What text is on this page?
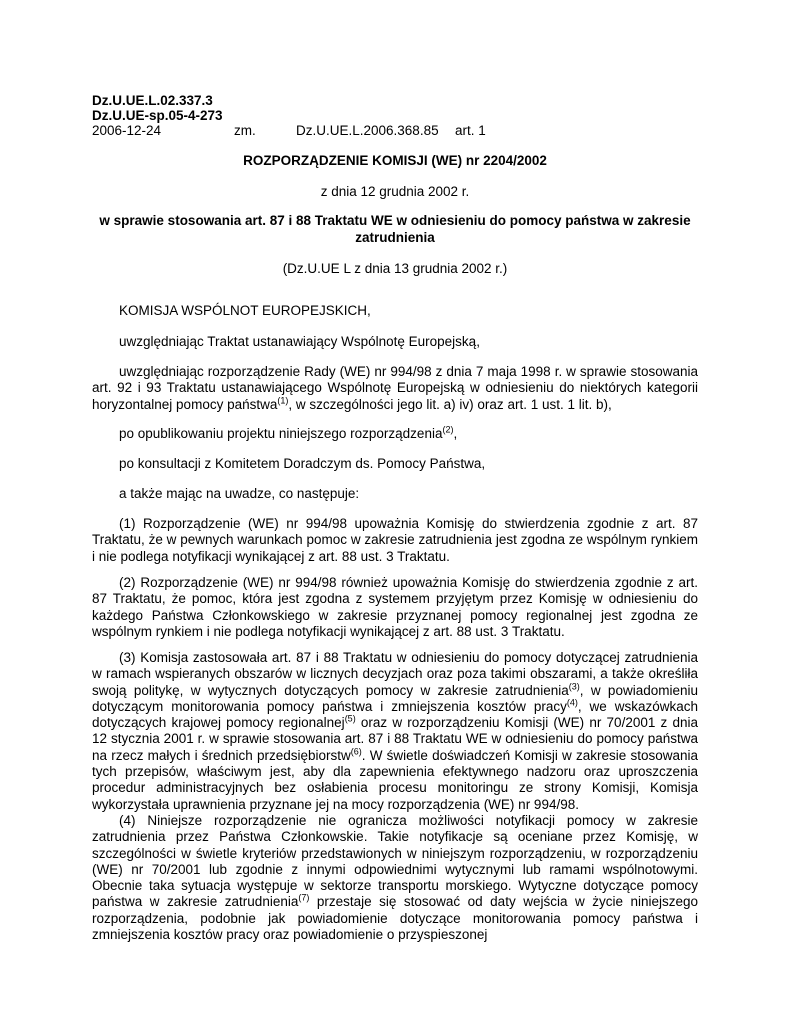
Dz.U.UE.L.02.337.3
Dz.U.UE-sp.05-4-273
2006-12-24	zm.	Dz.U.UE.L.2006.368.85 art. 1
ROZPORZĄDZENIE KOMISJI (WE) nr 2204/2002
z dnia 12 grudnia 2002 r.
w sprawie stosowania art. 87 i 88 Traktatu WE w odniesieniu do pomocy państwa w zakresie zatrudnienia
(Dz.U.UE L z dnia 13 grudnia 2002 r.)
KOMISJA WSPÓLNOT EUROPEJSKICH,
uwzględniając Traktat ustanawiający Wspólnotę Europejską,
uwzględniając rozporządzenie Rady (WE) nr 994/98 z dnia 7 maja 1998 r. w sprawie stosowania art. 92 i 93 Traktatu ustanawiającego Wspólnotę Europejską w odniesieniu do niektórych kategorii horyzontalnej pomocy państwa$^{(1)}$, w szczególności jego lit. a) iv) oraz art. 1 ust. 1 lit. b),
po opublikowaniu projektu niniejszego rozporządzenia$^{(2)}$,
po konsultacji z Komitetem Doradczym ds. Pomocy Państwa,
a także mając na uwadze, co następuje:
(1) Rozporządzenie (WE) nr 994/98 upoważnia Komisję do stwierdzenia zgodnie z art. 87 Traktatu, że w pewnych warunkach pomoc w zakresie zatrudnienia jest zgodna ze wspólnym rynkiem i nie podlega notyfikacji wynikającej z art. 88 ust. 3 Traktatu.
(2) Rozporządzenie (WE) nr 994/98 również upoważnia Komisję do stwierdzenia zgodnie z art. 87 Traktatu, że pomoc, która jest zgodna z systemem przyjętym przez Komisję w odniesieniu do każdego Państwa Członkowskiego w zakresie przyznanej pomocy regionalnej jest zgodna ze wspólnym rynkiem i nie podlega notyfikacji wynikającej z art. 88 ust. 3 Traktatu.
(3) Komisja zastosowała art. 87 i 88 Traktatu w odniesieniu do pomocy dotyczącej zatrudnienia w ramach wspieranych obszarów w licznych decyzjach oraz poza takimi obszarami, a także określiła swoją politykę, w wytycznych dotyczących pomocy w zakresie zatrudnienia$^{(3)}$, w powiadomieniu dotyczącym monitorowania pomocy państwa i zmniejszenia kosztów pracy$^{(4)}$, we wskazówkach dotyczących krajowej pomocy regionalnej$^{(5)}$ oraz w rozporządzeniu Komisji (WE) nr 70/2001 z dnia 12 stycznia 2001 r. w sprawie stosowania art. 87 i 88 Traktatu WE w odniesieniu do pomocy państwa na rzecz małych i średnich przedsiębiorstw$^{(6)}$. W świetle doświadczeń Komisji w zakresie stosowania tych przepisów, właściwym jest, aby dla zapewnienia efektywnego nadzoru oraz uproszczenia procedur administracyjnych bez osłabienia procesu monitoringu ze strony Komisji, Komisja wykorzystała uprawnienia przyznane jej na mocy rozporządzenia (WE) nr 994/98.
(4) Niniejsze rozporządzenie nie ogranicza możliwości notyfikacji pomocy w zakresie zatrudnienia przez Państwa Członkowskie. Takie notyfikacje są oceniane przez Komisję, w szczególności w świetle kryteriów przedstawionych w niniejszym rozporządzeniu, w rozporządzeniu (WE) nr 70/2001 lub zgodnie z innymi odpowiednimi wytycznymi lub ramami wspólnotowymi. Obecnie taka sytuacja występuje w sektorze transportu morskiego. Wytyczne dotyczące pomocy państwa w zakresie zatrudnienia$^{(7)}$ przestaje się stosować od daty wejścia w życie niniejszego rozporządzenia, podobnie jak powiadomienie dotyczące monitorowania pomocy państwa i zmniejszenia kosztów pracy oraz powiadomienie o przyspieszonej
